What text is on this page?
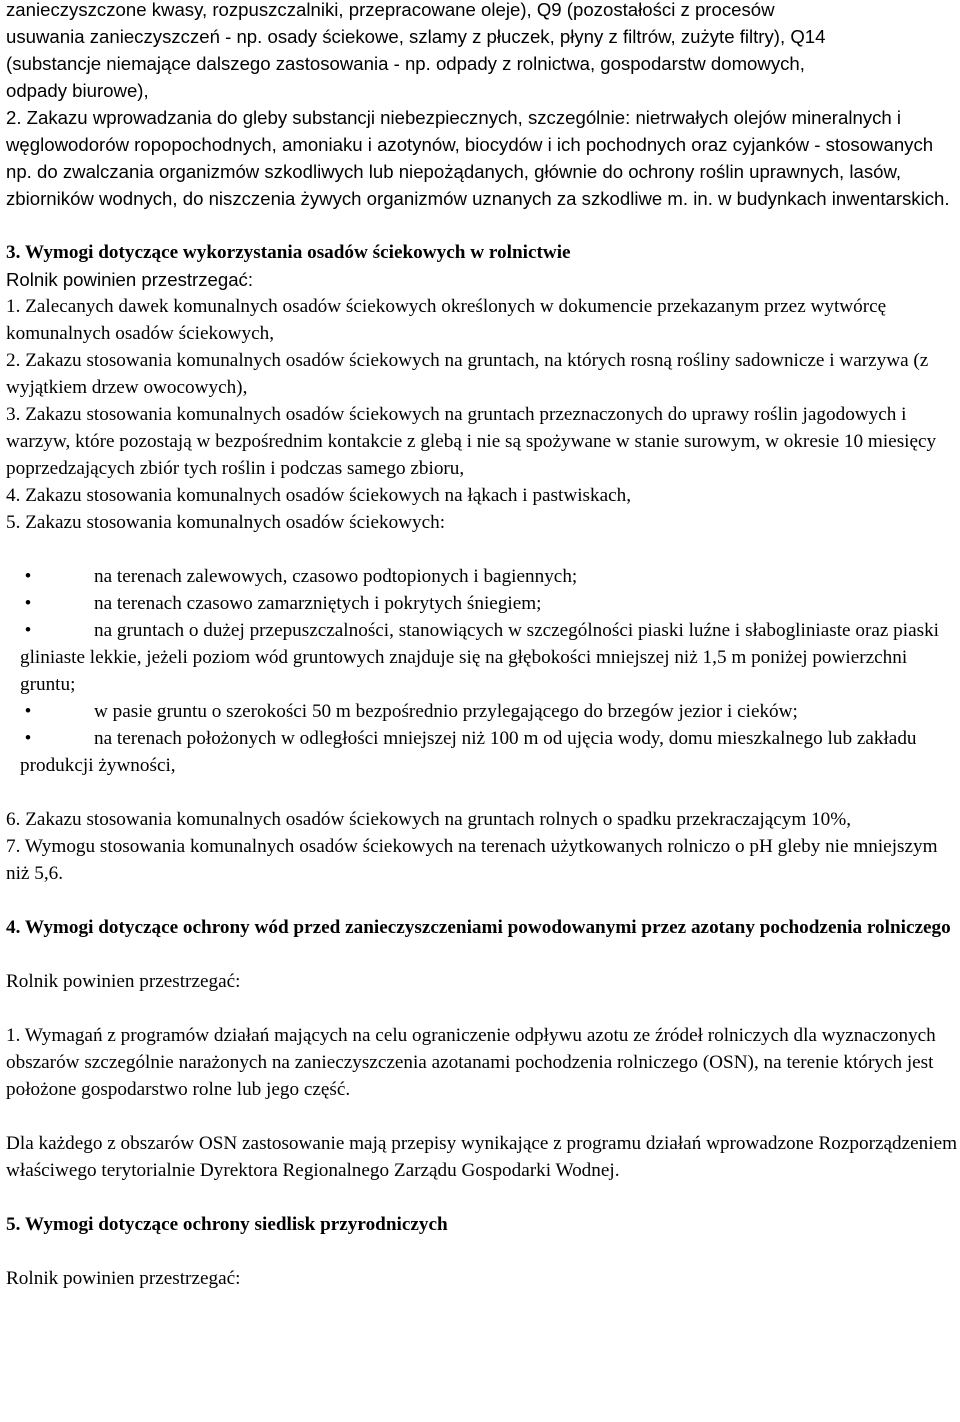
zanieczyszczone kwasy, rozpuszczalniki, przepracowane oleje), Q9 (pozostałości z procesów

usuwania zanieczyszczeń - np. osady ściekowe, szlamy z płuczek, płyny z filtrów, zużyte filtry), Q14

(substancje niemające dalszego zastosowania - np. odpady z rolnictwa, gospodarstw domowych,

odpady biurowe),

2. Zakazu wprowadzania do gleby substancji niebezpiecznych, szczególnie: nietrwałych olejów mineralnych i węglowodorów ropopochodnych, amoniaku i azotynów, biocydów i ich pochodnych oraz cyjanków - stosowanych np. do zwalczania organizmów szkodliwych lub niepożądanych, głównie do ochrony roślin uprawnych, lasów, zbiorników wodnych, do niszczenia żywych organizmów uznanych za szkodliwe m. in. w budynkach inwentarskich.

3. Wymogi dotyczące wykorzystania osadów ściekowych w rolnictwie

Rolnik powinien przestrzegać:

1. Zalecanych dawek komunalnych osadów ściekowych określonych w dokumencie przekazanym przez wytwórcę komunalnych osadów ściekowych,

2. Zakazu stosowania komunalnych osadów ściekowych na gruntach, na których rosną rośliny sadownicze i warzywa (z wyjątkiem drzew owocowych),

3. Zakazu stosowania komunalnych osadów ściekowych na gruntach przeznaczonych do uprawy roślin jagodowych i warzyw, które pozostają w bezpośrednim kontakcie z glebą i nie są spożywane w stanie surowym, w okresie 10 miesięcy poprzedzających zbiór tych roślin i podczas samego zbioru,

4. Zakazu stosowania komunalnych osadów ściekowych na łąkach i pastwiskach,

5. Zakazu stosowania komunalnych osadów ściekowych:

•	na terenach zalewowych, czasowo podtopionych i bagiennych;
•	na terenach czasowo zamarzniętych i pokrytych śniegiem;
•	na gruntach o dużej przepuszczalności, stanowiących w szczególności piaski luźne i słabogliniaste oraz piaski gliniaste lekkie, jeżeli poziom wód gruntowych znajduje się na głębokości mniejszej niż 1,5 m poniżej powierzchni gruntu;
•	w pasie gruntu o szerokości 50 m bezpośrednio przylegającego do brzegów jezior i cieków;
•	na terenach położonych w odległości mniejszej niż 100 m od ujęcia wody, domu mieszkalnego lub zakładu produkcji żywności,

6. Zakazu stosowania komunalnych osadów ściekowych na gruntach rolnych o spadku przekraczającym 10%,

7. Wymogu stosowania komunalnych osadów ściekowych na terenach użytkowanych rolniczo o pH gleby nie mniejszym niż 5,6.

4. Wymogi dotyczące ochrony wód przed zanieczyszczeniami powodowanymi przez azotany pochodzenia rolniczego

Rolnik powinien przestrzegać:

1. Wymagań z programów działań mających na celu ograniczenie odpływu azotu ze źródeł rolniczych dla wyznaczonych obszarów szczególnie narażonych na zanieczyszczenia azotanami pochodzenia rolniczego (OSN), na terenie których jest położone gospodarstwo rolne lub jego część.

Dla każdego z obszarów OSN zastosowanie mają przepisy wynikające z programu działań wprowadzone Rozporządzeniem właściwego terytorialnie Dyrektora Regionalnego Zarządu Gospodarki Wodnej.

5. Wymogi dotyczące ochrony siedlisk przyrodniczych

Rolnik powinien przestrzegać:
